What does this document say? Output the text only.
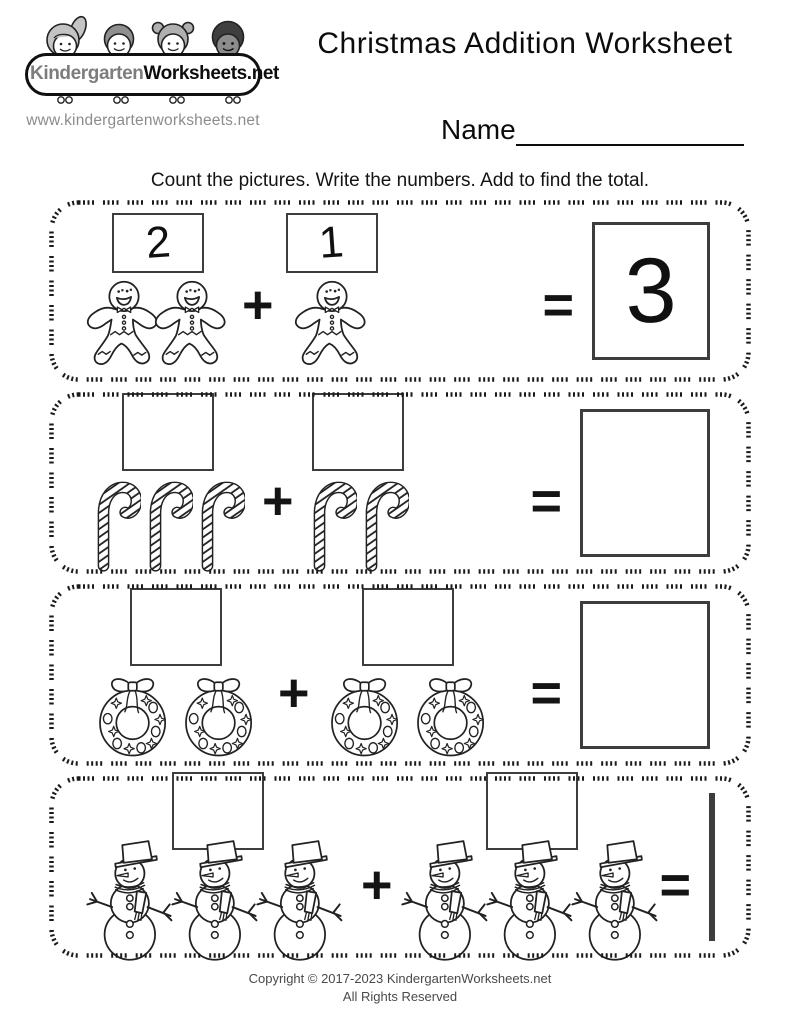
KindergartenWorksheets.net
www.kindergartenworksheets.net
Christmas Addition Worksheet
Name
Count the pictures. Write the numbers. Add to find the total.
2
+
1
= 3
+	=
+	=
+	=
Copyright © 2017-2023 KindergartenWorksheets.net
All Rights Reserved
